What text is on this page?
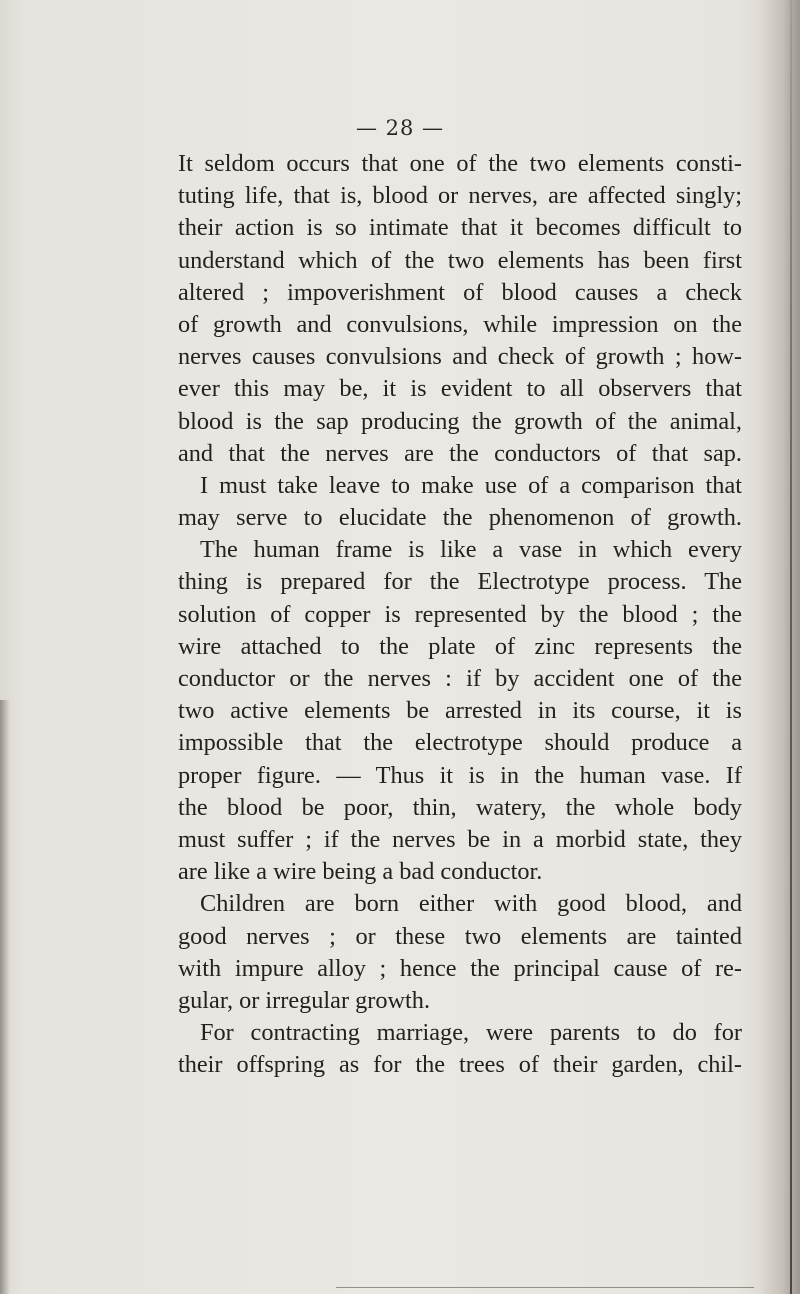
— 28 —
It seldom occurs that one of the two elements consti-
tuting life, that is, blood or nerves, are affected singly;
their action is so intimate that it becomes difficult to
understand which of the two elements has been first
altered ; impoverishment of blood causes a check
of growth and convulsions, while impression on the
nerves causes convulsions and check of growth ; how-
ever this may be, it is evident to all observers that
blood is the sap producing the growth of the animal,
and that the nerves are the conductors of that sap.
I must take leave to make use of a comparison that
may serve to elucidate the phenomenon of growth.
The human frame is like a vase in which every
thing is prepared for the Electrotype process. The
solution of copper is represented by the blood ; the
wire attached to the plate of zinc represents the
conductor or the nerves : if by accident one of the
two active elements be arrested in its course, it is
impossible that the electrotype should produce a
proper figure. — Thus it is in the human vase. If
the blood be poor, thin, watery, the whole body
must suffer ; if the nerves be in a morbid state, they
are like a wire being a bad conductor.
Children are born either with good blood, and
good nerves ; or these two elements are tainted
with impure alloy ; hence the principal cause of re-
gular, or irregular growth.
For contracting marriage, were parents to do for
their offspring as for the trees of their garden, chil-
